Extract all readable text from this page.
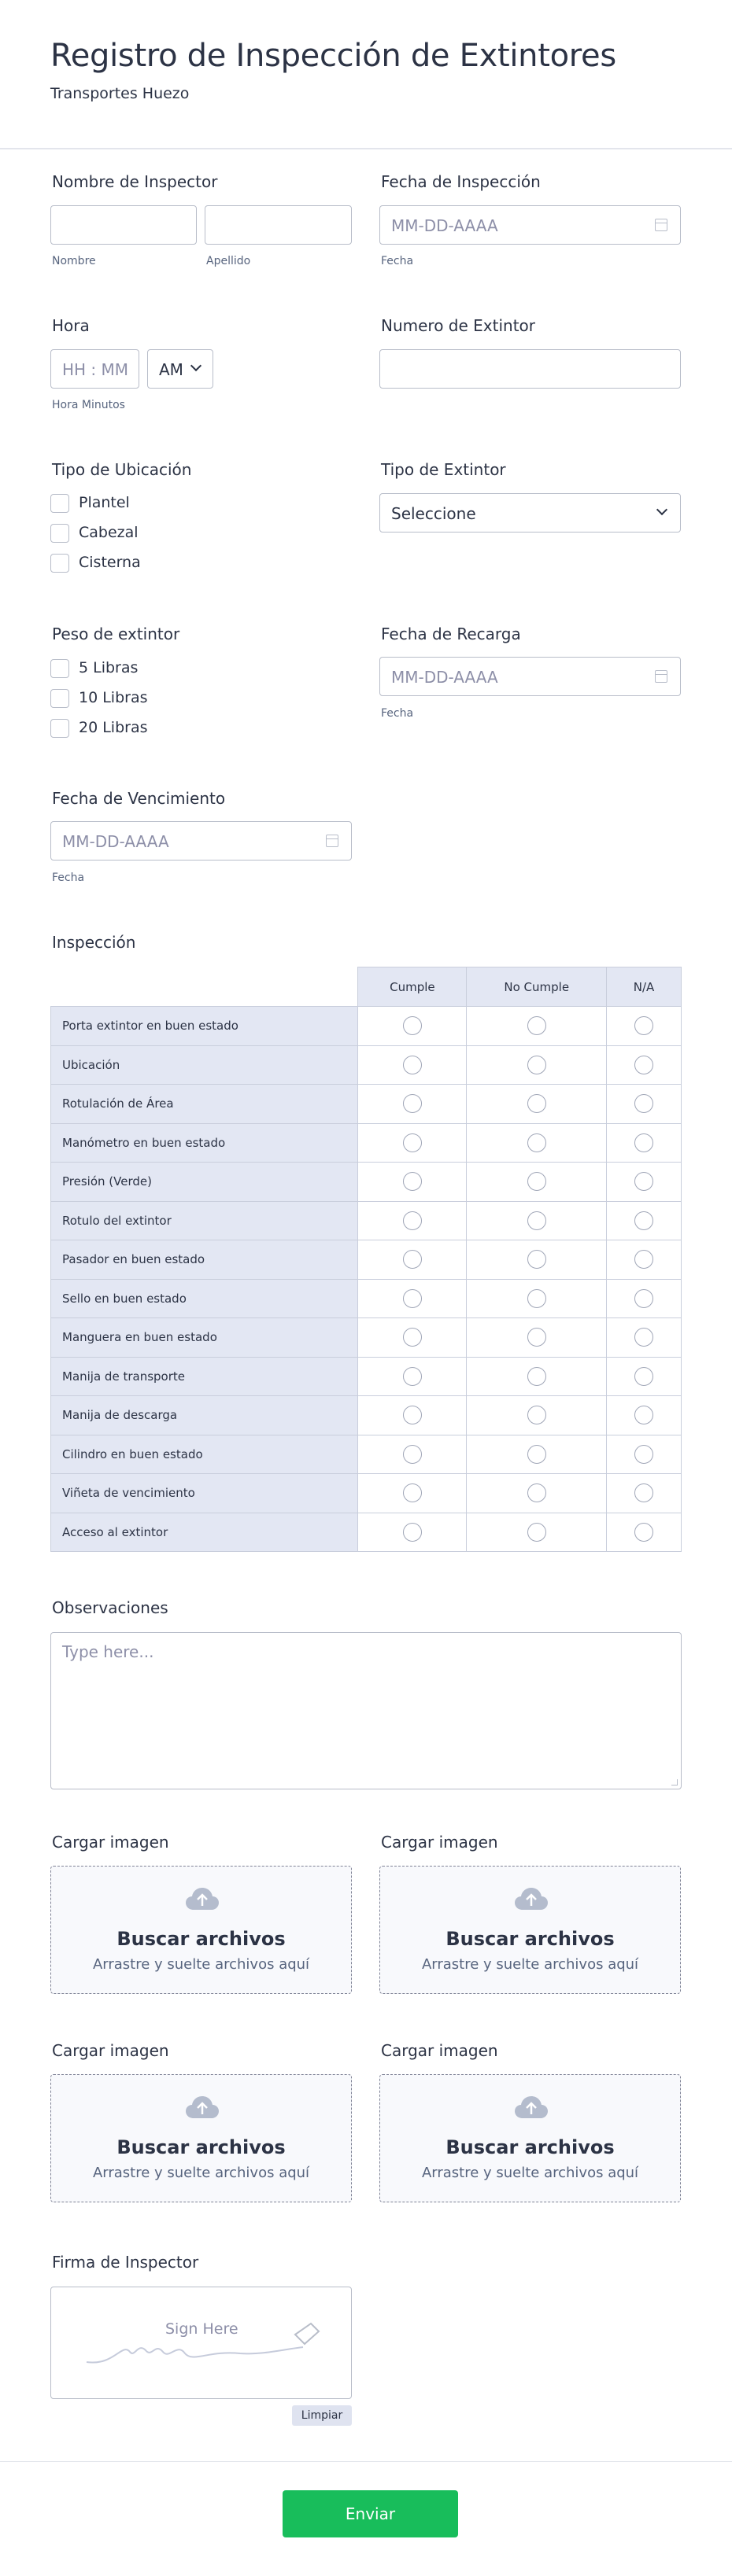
Registro de Inspección de Extintores
Transportes Huezo
Nombre de Inspector
Nombre	Apellido
Fecha de Inspección
MM-DD-AAAA
Fecha
Hora
HH : MM AM
Hora Minutos
Numero de Extintor
Tipo de Ubicación
Plantel
Cabezal
Cisterna
Tipo de Extintor
Seleccione
Peso de extintor
5 Libras
10 Libras
20 Libras
Fecha de Recarga
MM-DD-AAAA
Fecha
Fecha de Vencimiento
MM-DD-AAAA
Fecha
Inspección
	Cumple	No Cumple	N/A
Porta extintor en buen estado			
Ubicación			
Rotulación de Área			
Manómetro en buen estado			
Presión (Verde)			
Rotulo del extintor			
Pasador en buen estado			
Sello en buen estado			
Manguera en buen estado			
Manija de transporte			
Manija de descarga			
Cilindro en buen estado			
Viñeta de vencimiento			
Acceso al extintor			
Observaciones
Type here...
Cargar imagen
Buscar archivos
Arrastre y suelte archivos aquí
Cargar imagen
Buscar archivos
Arrastre y suelte archivos aquí
Cargar imagen
Buscar archivos
Arrastre y suelte archivos aquí
Cargar imagen
Buscar archivos
Arrastre y suelte archivos aquí
Firma de Inspector
Sign Here
Limpiar
Enviar
